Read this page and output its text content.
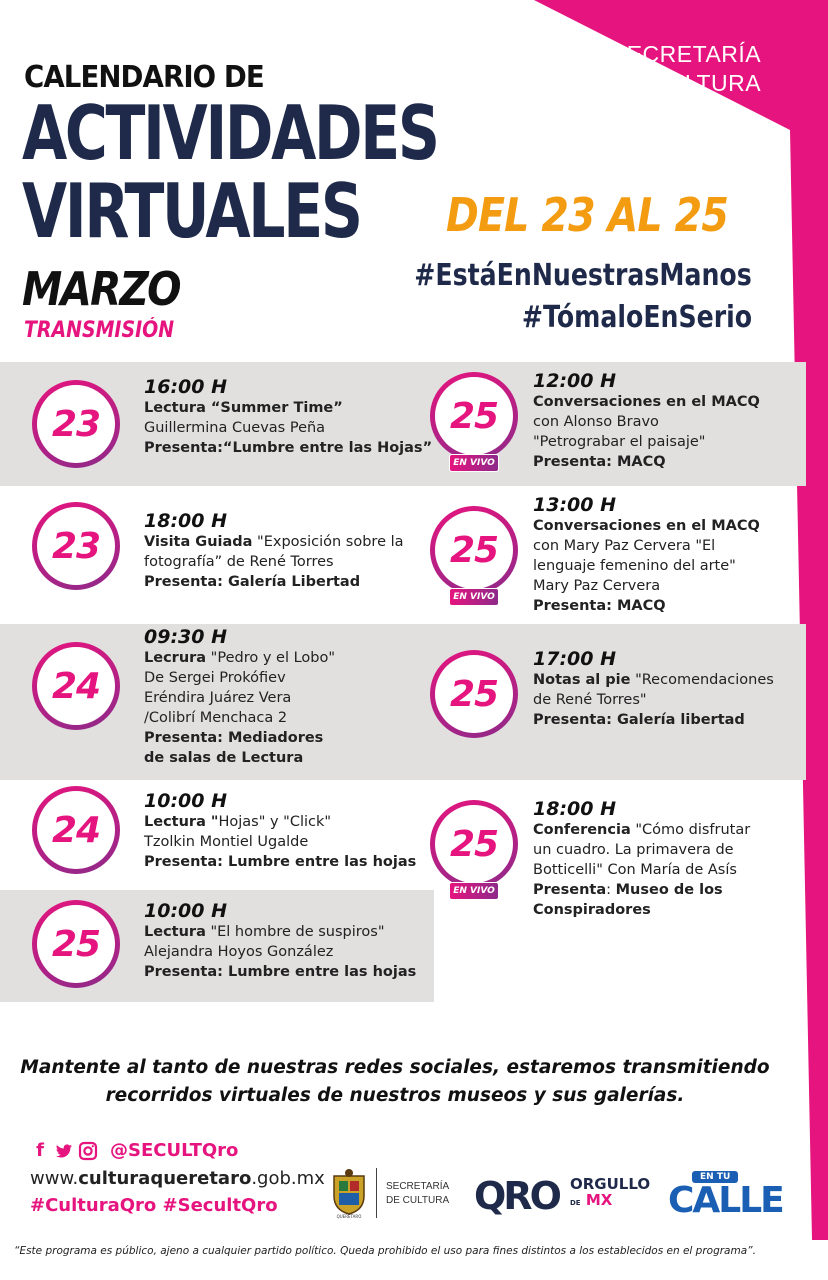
SECRETARÍA
DE CULTURA
CALENDARIO DE
ACTIVIDADES
VIRTUALES DEL 23 AL 25
MARZO
TRANSMISIÓN
#EstáEnNuestrasManos
#TómaloEnSerio
23
16:00 H
Lectura “Summer Time”
Guillermina Cuevas Peña
Presenta:“Lumbre entre las Hojas”
23
18:00 H
Visita Guiada "Exposición sobre la
fotografía” de René Torres
Presenta: Galería Libertad
24
09:30 H
Lecrura "Pedro y el Lobo"
De Sergei Prokófiev
Eréndira Juárez Vera
/Colibrí Menchaca 2
Presenta: Mediadores
de salas de Lectura
24
10:00 H
Lectura "Hojas" y "Click"
Tzolkin Montiel Ugalde
Presenta: Lumbre entre las hojas
25
10:00 H
Lectura "El hombre de suspiros"
Alejandra Hoyos González
Presenta: Lumbre entre las hojas
25
EN VIVO
12:00 H
Conversaciones en el MACQ
con Alonso Bravo
"Petrograbar el paisaje"
Presenta: MACQ
25
EN VIVO
13:00 H
Conversaciones en el MACQ
con Mary Paz Cervera "El
lenguaje femenino del arte"
Mary Paz Cervera
Presenta: MACQ
25
17:00 H
Notas al pie "Recomendaciones
de René Torres"
Presenta: Galería libertad
25
EN VIVO
18:00 H
Conferencia "Cómo disfrutar
un cuadro. La primavera de
Botticelli" Con María de Asís
Presenta: Museo de los
Conspiradores
Mantente al tanto de nuestras redes sociales, estaremos transmitiendo
recorridos virtuales de nuestros museos y sus galerías.
f	@SECULTQro
www.culturaqueretaro.gob.mx
#CulturaQro #SecultQro
QUERÉTARO
SECRETARÍA
DE CULTURA QRO ORGULLO
DE MX
EN TU
CALLE
“Este programa es público, ajeno a cualquier partido político. Queda prohibido el uso para fines distintos a los establecidos en el programa”.
